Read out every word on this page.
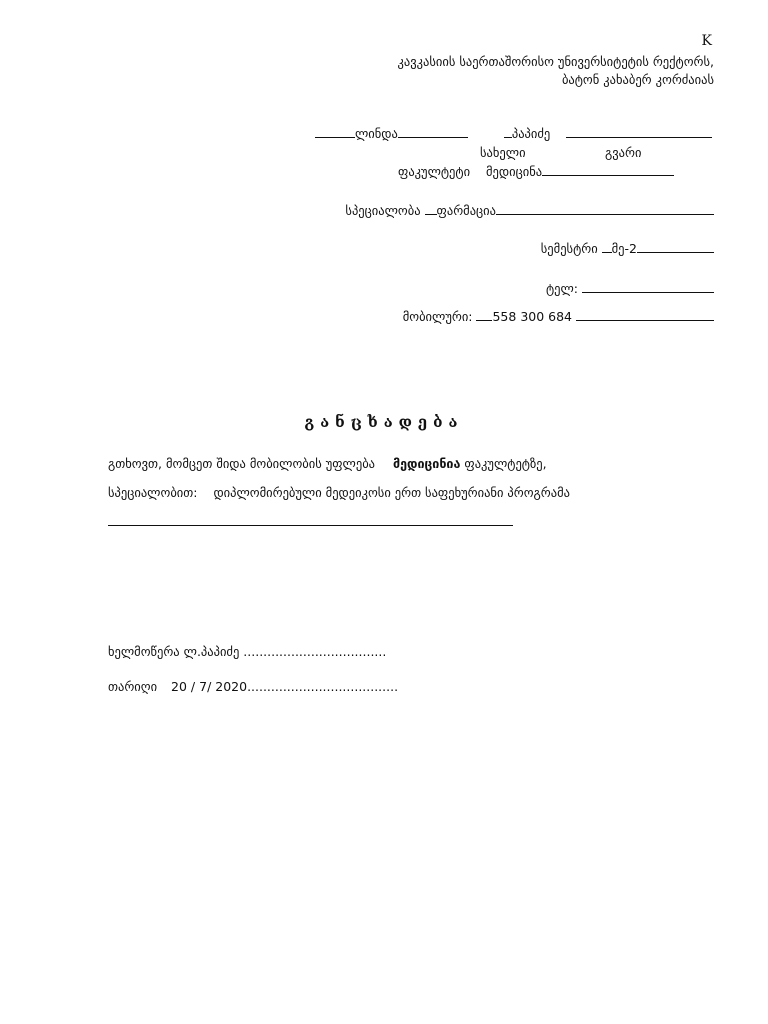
K
კავკასიის საერთაშორისო უნივერსიტეტის რექტორს,
ბატონ კახაბერ კორძაიას
ლინდა	პაპიძე
სახელი	გვარი
ფაკულტეტი მედიცინა
სპეციალობა ფარმაცია
სემესტრი მე-2
ტელ:
მობილური: 558 300 684
განცხადება
გთხოვთ, მომცეთ შიდა მობილობის უფლება მედიცინია ფაკულტეტზე,
სპეციალობით: დიპლომირებული მედეიკოსი ერთ საფეხურიანი პროგრამა
ხელმოწერა ლ.პაპიძე ....................................
თარიღი 20 / 7/ 2020......................................
